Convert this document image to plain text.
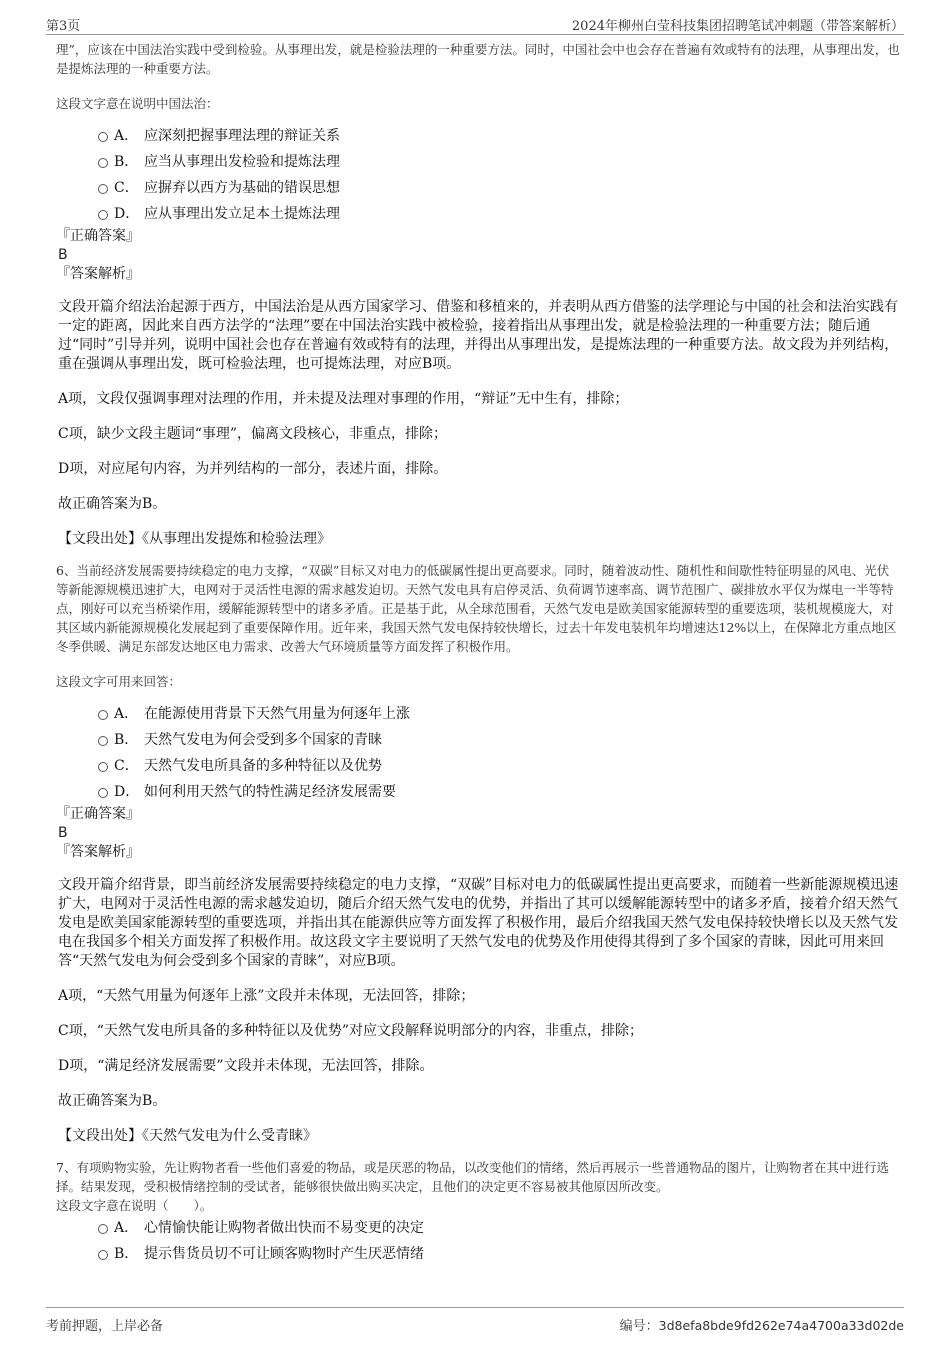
第3页	2024年柳州白莹科技集团招聘笔试冲刺题（带答案解析）

理”，应该在中国法治实践中受到检验。从事理出发，就是检验法理的一种重要方法。同时，中国社会中也会存在普遍有效或特有的法理，从事理出发，也是提炼法理的一种重要方法。

这段文字意在说明中国法治：

A． 应深刻把握事理法理的辩证关系
B． 应当从事理出发检验和提炼法理
C． 应摒弃以西方为基础的错误思想
D． 应从事理出发立足本土提炼法理

『正确答案』

B

『答案解析』

文段开篇介绍法治起源于西方，中国法治是从西方国家学习、借鉴和移植来的，并表明从西方借鉴的法学理论与中国的社会和法治实践有一定的距离，因此来自西方法学的“法理”要在中国法治实践中被检验，接着指出从事理出发，就是检验法理的一种重要方法；随后通过“同时”引导并列，说明中国社会也存在普遍有效或特有的法理，并得出从事理出发，是提炼法理的一种重要方法。故文段为并列结构，重在强调从事理出发，既可检验法理，也可提炼法理，对应B项。

A项，文段仅强调事理对法理的作用，并未提及法理对事理的作用，“辩证”无中生有，排除；

C项，缺少文段主题词“事理”，偏离文段核心，非重点，排除；

D项，对应尾句内容，为并列结构的一部分，表述片面，排除。

故正确答案为B。

【文段出处】《从事理出发提炼和检验法理》

6、当前经济发展需要持续稳定的电力支撑，“双碳”目标又对电力的低碳属性提出更高要求。同时，随着波动性、随机性和间歇性特征明显的风电、光伏等新能源规模迅速扩大，电网对于灵活性电源的需求越发迫切。天然气发电具有启停灵活、负荷调节速率高、调节范围广、碳排放水平仅为煤电一半等特点，刚好可以充当桥梁作用，缓解能源转型中的诸多矛盾。正是基于此，从全球范围看，天然气发电是欧美国家能源转型的重要选项，装机规模庞大，对其区域内新能源规模化发展起到了重要保障作用。近年来，我国天然气发电保持较快增长，过去十年发电装机年均增速达12%以上，在保障北方重点地区冬季供暖、满足东部发达地区电力需求、改善大气环境质量等方面发挥了积极作用。

这段文字可用来回答：

A． 在能源使用背景下天然气用量为何逐年上涨
B． 天然气发电为何会受到多个国家的青睐
C． 天然气发电所具备的多种特征以及优势
D． 如何利用天然气的特性满足经济发展需要

『正确答案』

B

『答案解析』

文段开篇介绍背景，即当前经济发展需要持续稳定的电力支撑，“双碳”目标对电力的低碳属性提出更高要求，而随着一些新能源规模迅速扩大，电网对于灵活性电源的需求越发迫切，随后介绍天然气发电的优势，并指出了其可以缓解能源转型中的诸多矛盾，接着介绍天然气发电是欧美国家能源转型的重要选项，并指出其在能源供应等方面发挥了积极作用，最后介绍我国天然气发电保持较快增长以及天然气发电在我国多个相关方面发挥了积极作用。故这段文字主要说明了天然气发电的优势及作用使得其得到了多个国家的青睐，因此可用来回答“天然气发电为何会受到多个国家的青睐”，对应B项。

A项，“天然气用量为何逐年上涨”文段并未体现，无法回答，排除；

C项，“天然气发电所具备的多种特征以及优势”对应文段解释说明部分的内容，非重点，排除；

D项，“满足经济发展需要”文段并未体现，无法回答，排除。

故正确答案为B。

【文段出处】《天然气发电为什么受青睐》

7、有项购物实验，先让购物者看一些他们喜爱的物品，或是厌恶的物品，以改变他们的情绪，然后再展示一些普通物品的图片，让购物者在其中进行选择。结果发现，受积极情绪控制的受试者，能够很快做出购买决定，且他们的决定更不容易被其他原因所改变。

这段文字意在说明（　　）。

A． 心情愉快能让购物者做出快而不易变更的决定
B． 提示售货员切不可让顾客购物时产生厌恶情绪
考前押题，上岸必备	编号：3d8efa8bde9fd262e74a4700a33d02de
